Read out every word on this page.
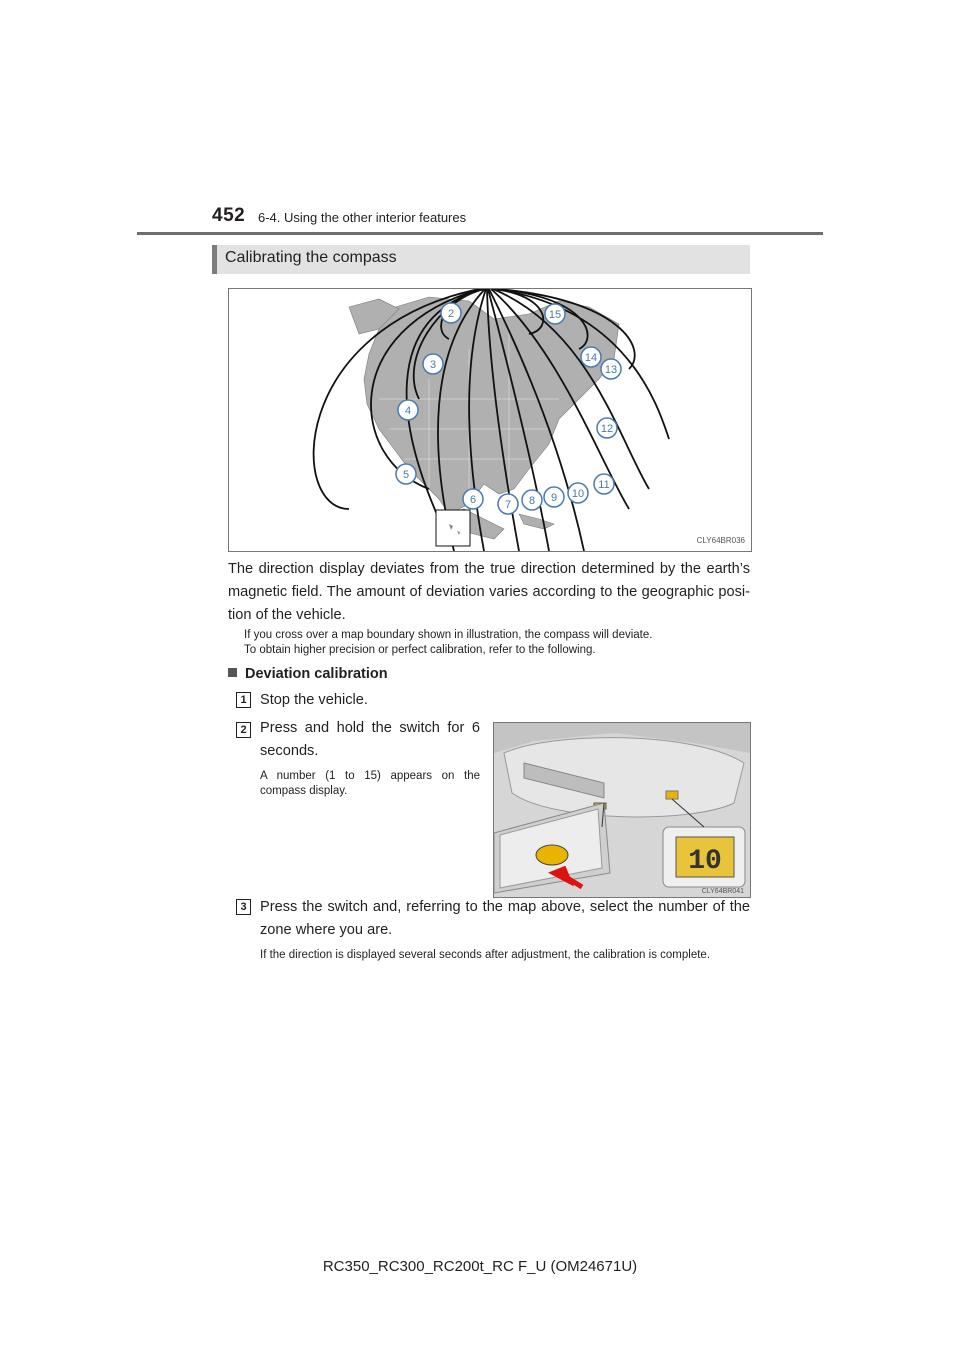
452 6-4. Using the other interior features
Calibrating the compass
2
3
4
5
6	7 8 9 10
11
12
13
14
15
CLY64BR036
The direction display deviates from the true direction determined by the earth’s magnetic field. The amount of deviation varies according to the geographic posi- tion of the vehicle.
If you cross over a map boundary shown in illustration, the compass will deviate.
To obtain higher precision or perfect calibration, refer to the following.
Deviation calibration
1 Stop the vehicle.
2 Press and hold the switch for 6 seconds.
A number (1 to 15) appears on the compass display.
10
CLY64BR041
3 Press the switch and, referring to the map above, select the number of the zone where you are.
If the direction is displayed several seconds after adjustment, the calibration is complete.
RC350_RC300_RC200t_RC F_U (OM24671U)
